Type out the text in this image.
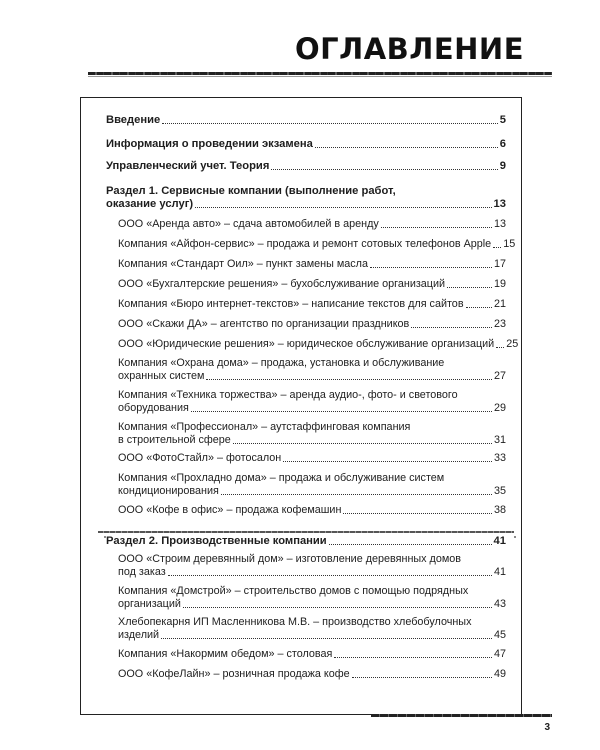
ОГЛАВЛЕНИЕ
Введение	5
Информация о проведении экзамена	6
Управленческий учет. Теория	9
Раздел 1. Сервисные компании (выполнение работ,
оказание услуг)	13
ООО «Аренда авто» – сдача автомобилей в аренду	13
Компания «Айфон-сервис» – продажа и ремонт сотовых телефонов Apple 15
Компания «Стандарт Оил» – пункт замены масла	17
ООО «Бухгалтерские решения» – бухобслуживание организаций	19
Компания «Бюро интернет-текстов» – написание текстов для сайтов	21
ООО «Скажи ДА» – агентство по организации праздников	23
ООО «Юридические решения» – юридическое обслуживание организаций 25
Компания «Охрана дома» – продажа, установка и обслуживание
охранных систем	27
Компания «Техника торжества» – аренда аудио-, фото- и светового
оборудования	29
Компания «Профессионал» – аутстаффинговая компания
в строительной сфере	31
ООО «ФотоСтайл» – фотосалон	33
Компания «Прохладно дома» – продажа и обслуживание систем
кондиционирования	35
ООО «Кофе в офис» – продажа кофемашин	38
Раздел 2. Производственные компании	41
ООО «Строим деревянный дом» – изготовление деревянных домов
под заказ	41
Компания «Домстрой» – строительство домов с помощью подрядных
организаций	43
Хлебопекарня ИП Масленникова М.В. – производство хлебобулочных
изделий	45
Компания «Накормим обедом» – столовая	47
ООО «КофеЛайн» – розничная продажа кофе	49
3
